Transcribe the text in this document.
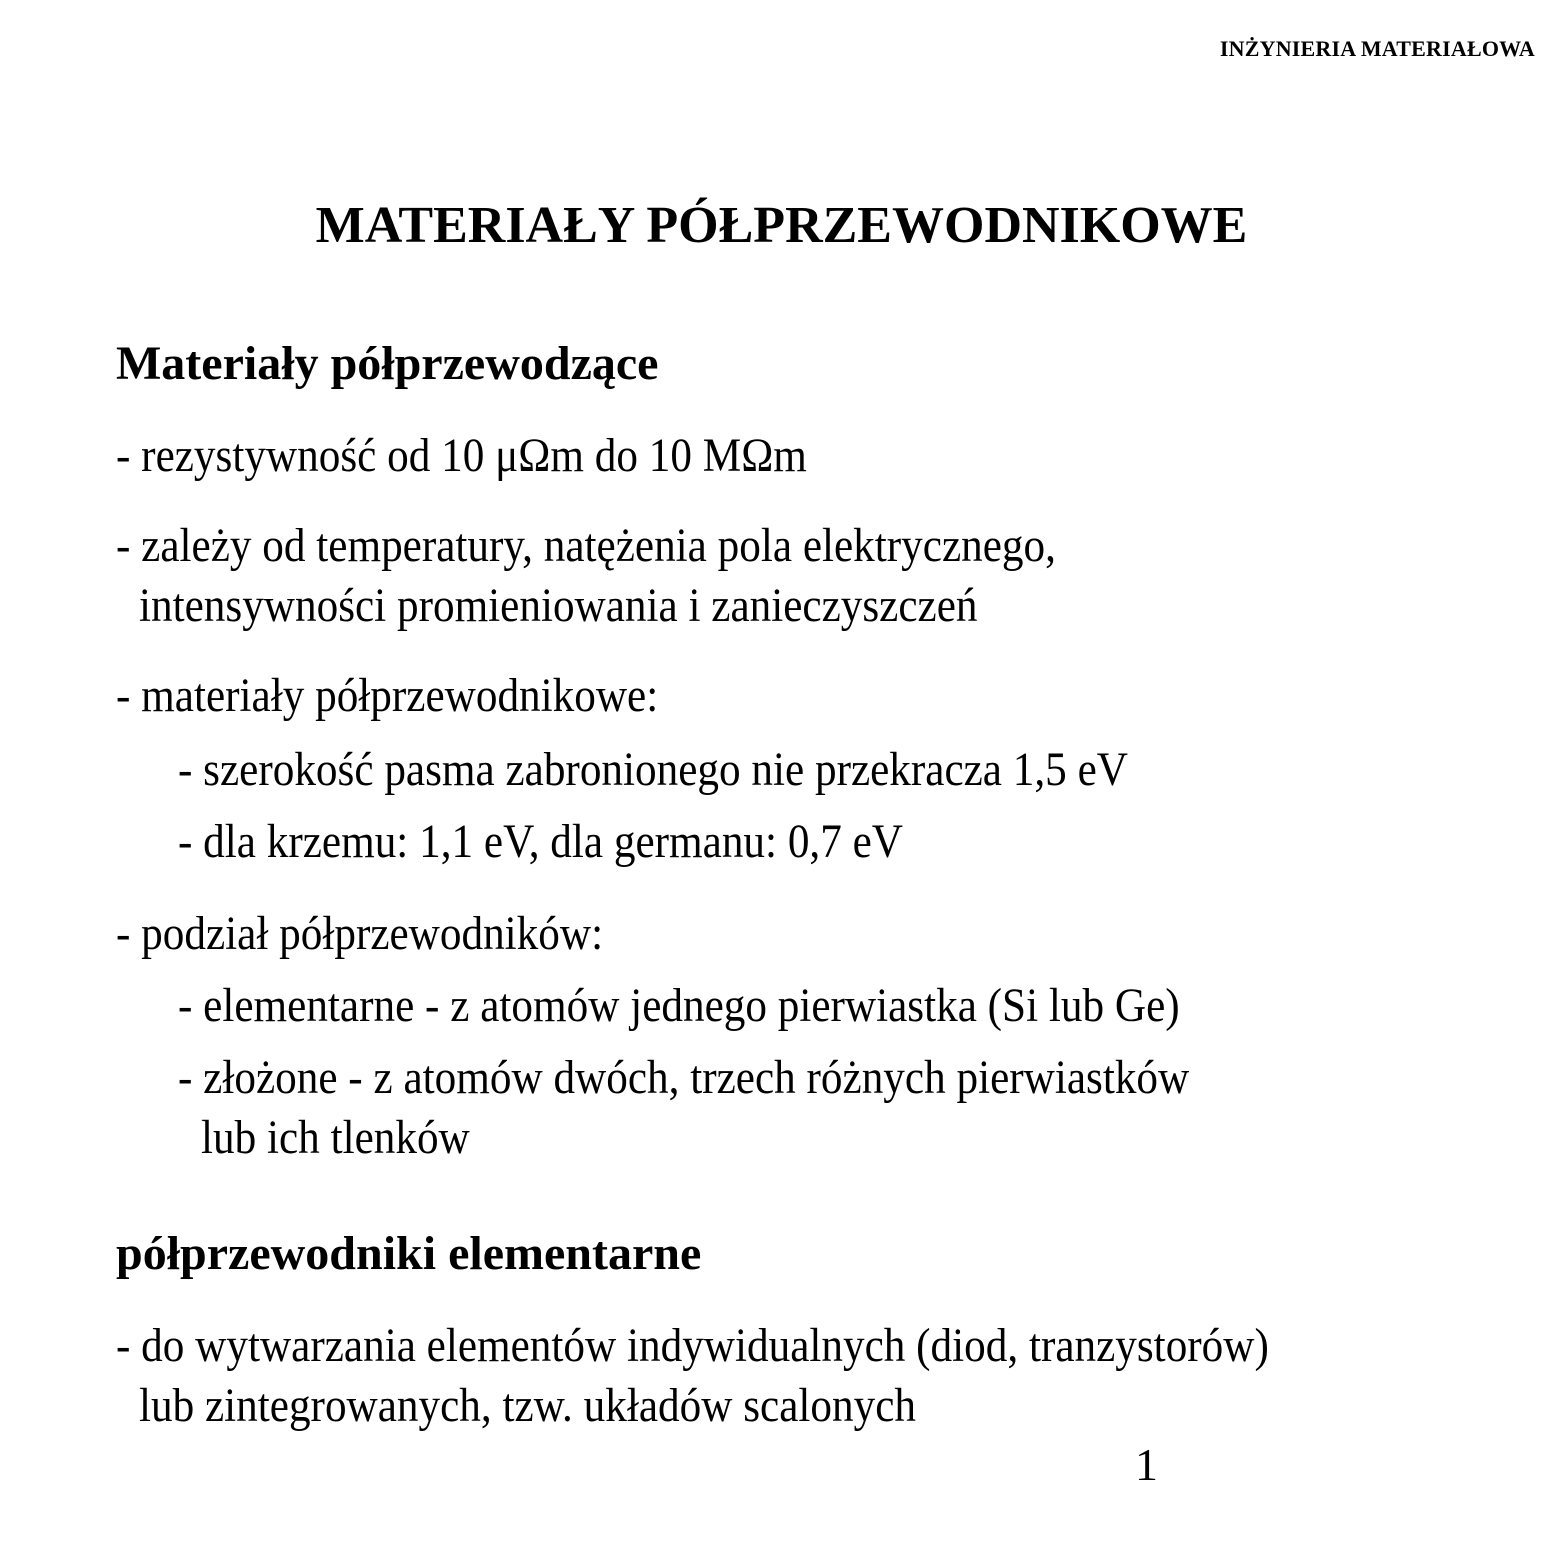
INŻYNIERIA MATERIAŁOWA
MATERIAŁY PÓŁPRZEWODNIKOWE
Materiały półprzewodzące
- rezystywność od 10 μΩm do 10 MΩm
- zależy od temperatury, natężenia pola elektrycznego,
intensywności promieniowania i zanieczyszczeń
- materiały półprzewodnikowe:
- szerokość pasma zabronionego nie przekracza 1,5 eV
- dla krzemu: 1,1 eV, dla germanu: 0,7 eV
- podział półprzewodników:
- elementarne - z atomów jednego pierwiastka (Si lub Ge)
- złożone - z atomów dwóch, trzech różnych pierwiastków
lub ich tlenków
półprzewodniki elementarne
- do wytwarzania elementów indywidualnych (diod, tranzystorów)
lub zintegrowanych, tzw. układów scalonych
1
